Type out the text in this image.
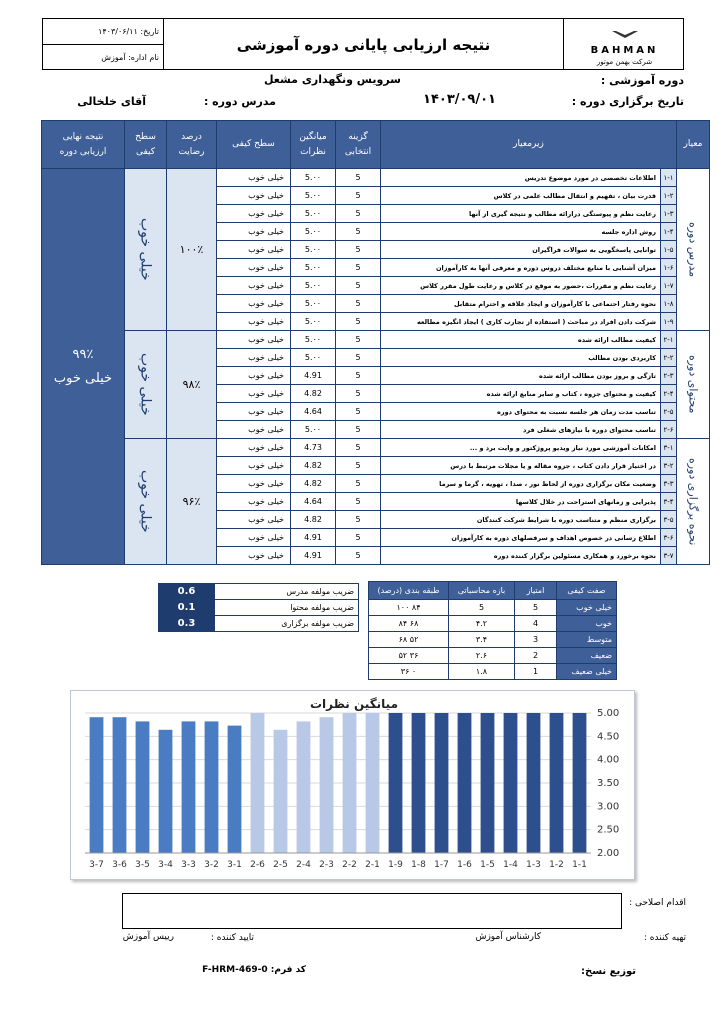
تاریخ: ۱۴۰۳/۰۶/۱۱
نام اداره: آموزش
نتیجه ارزیابی پایانی دوره آموزشی	BAHMAN
شرکت بهمن موتور
دوره آموزشی :
سرویس ونگهداری مشعل
تاریخ برگزاری دوره :
۱۴۰۳/۰۹/۰۱
مدرس دوره :
آقای خلخالی
معیار	زیرمعیار		گزینه انتخابی	میانگین نظرات	سطح کیفی	درصد رضایت	سطح کیفی	نتیجه نهایی ارزیابی دوره

مدرس دوره	۱-۱	اطلاعات تخصصی در مورد موضوع تدریس	5	5.۰۰	خیلی خوب	۱۰۰٪	خیلی خوب	۹۹٪
خیلی خوب

	۱-۲	قدرت بیان ، تفهیم و انتقال مطالب علمی در کلاس	5	5.۰۰	خیلی خوب			
	۱-۳	رعایت نظم و پیوستگی درارائه مطالب و نتیجه گیری از آنها	5	5.۰۰	خیلی خوب			
	۱-۴	روش اداره جلسه	5	5.۰۰	خیلی خوب			
	۱-۵	توانایی پاسخگویی به سوالات فراگیران	5	5.۰۰	خیلی خوب			
	۱-۶	میزان آشنایی با منابع مختلف دروس دوره و معرفی آنها به کارآموزان	5	5.۰۰	خیلی خوب			
	۱-۷	رعایت نظم و مقررات ،حضور به موقع در کلاس و رعایت طول مقرر کلاس	5	5.۰۰	خیلی خوب			
	۱-۸	نحوه رفتار احتماعی با کارآموزان و ایجاد علاقه و احترام متقابل	5	5.۰۰	خیلی خوب			
	۱-۹	شرکت دادن افراد در مباحث ( استفاده از تجارب کاری ) ایجاد انگیزه مطالعه	5	5.۰۰	خیلی خوب			

محتوای دوره	۲-۱	کیفیت مطالب ارائه شده	5	5.۰۰	خیلی خوب	۹۸٪	خیلی خوب	

	۲-۲	کاربردی بودن مطالب	5	5.۰۰	خیلی خوب			
	۲-۳	تازگی و بروز بودن مطالب ارائه شده	5	4.91	خیلی خوب			
	۲-۴	کیفیت و محتوای جزوه ، کتاب و سایر منابع ارائه شده	5	4.82	خیلی خوب			
	۲-۵	تناسب مدت زمان هر جلسه نسبت به محتوای دوره	5	4.64	خیلی خوب			
	۲-۶	تناسب محتوای دوره با نیازهای شغلی فرد	5	5.۰۰	خیلی خوب			

نحوه برگزاری دوره	۳-۱	امکانات آموزشی مورد نیاز ویدیو پروژکتور و وایت برد و ...	5	4.73	خیلی خوب	۹۶٪	خیلی خوب	

	۳-۲	در اختیار قرار دادن کتاب ، جزوه مقاله و یا مجلات مرتبط با درس	5	4.82	خیلی خوب			
	۳-۳	وضعیت مکان برگزاری دوره از لحاظ نور ، صدا ، تهویه ، گرما و سرما	5	4.82	خیلی خوب			
	۳-۴	پذیرایی و زمانهای استراحت در خلال کلاسها	5	4.64	خیلی خوب			
	۳-۵	برگزاری منظم و متناسب دوره با شرایط شرکت کنندگان	5	4.82	خیلی خوب			
	۳-۶	اطلاع رسانی در خصوص اهداف و سرفصلهای دوره به کارآموزان	5	4.91	خیلی خوب			
	۳-۷	نحوه برخورد و همکاری مسئولین برگزار کننده دوره	5	4.91	خیلی خوب			
ضریب مولفه مدرس	0.6
ضریب مولفه محتوا	0.1
ضریب مولفه برگزاری	0.3
صفت کیفی	امتیاز	بازه محاسباتی	طبقه بندی (درصد)
خیلی خوب	5	5	۸۴ ۱۰۰
خوب	4	۴.۲	۶۸ ۸۴
متوسط	3	۳.۴	۵۲ ۶۸
ضعیف	2	۲.۶	۳۶ ۵۲
خیلی ضعیف	1	۱.۸	۰ ۳۶
5.00
4.50
4.00
3.50
3.00
2.50
2.00
میانگین نظرات
1-1
1-2
1-3
1-4
1-5
1-6
1-7
1-8
1-9
2-1
2-2
2-3
2-4
2-5
2-6
3-1
3-2
3-3
3-4
3-5
3-6
3-7
اقدام اصلاحی :
تهیه کننده :
کارشناس آموزش
تایید کننده :
رییس آموزش
توزیع نسخ:
کد فرم: F-HRM-469-0
